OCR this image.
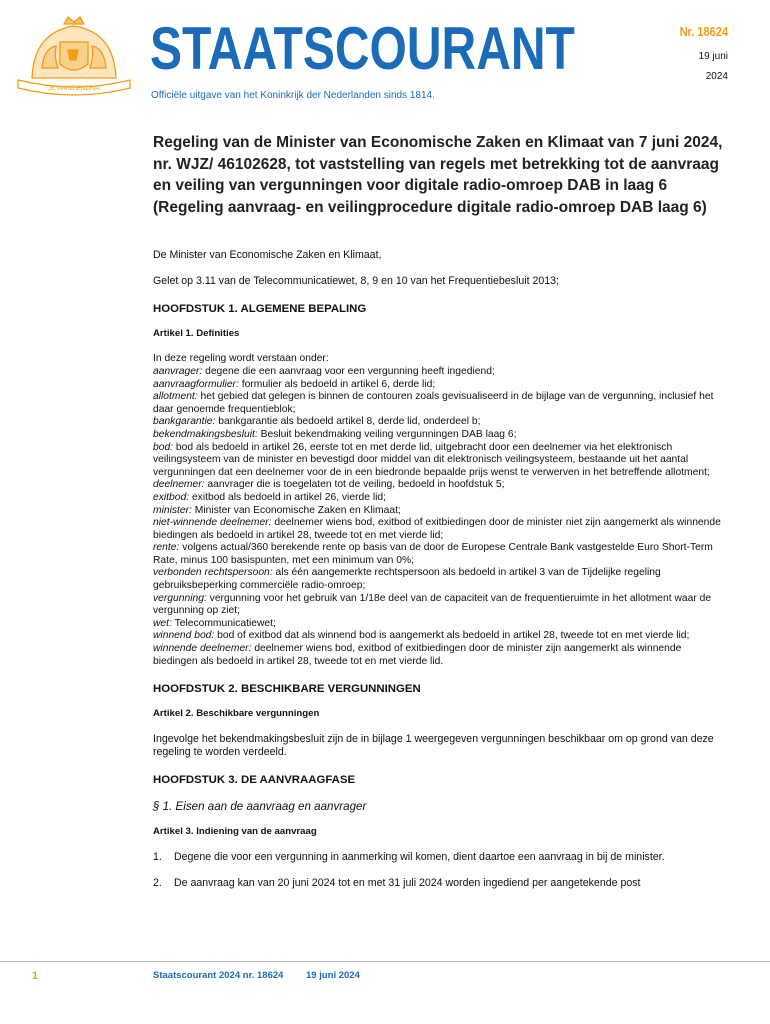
JE MAINTIENDRAI
STAATSCOURANT
Officiële uitgave van het Koninkrijk der Nederlanden sinds 1814.
Nr. 18624
19 juni
2024
Regeling van de Minister van Economische Zaken en Klimaat van 7 juni 2024, nr. WJZ/ 46102628, tot vaststelling van regels met betrekking tot de aanvraag en veiling van vergunningen voor digitale radio-omroep DAB in laag 6 (Regeling aanvraag- en veilingprocedure digitale radio-omroep DAB laag 6)

De Minister van Economische Zaken en Klimaat,

Gelet op 3.11 van de Telecommunicatiewet, 8, 9 en 10 van het Frequentiebesluit 2013;

HOOFDSTUK 1. ALGEMENE BEPALING
Artikel 1. Definities
In deze regeling wordt verstaan onder:
aanvrager: degene die een aanvraag voor een vergunning heeft ingediend;
aanvraagformulier: formulier als bedoeld in artikel 6, derde lid;
allotment: het gebied dat gelegen is binnen de contouren zoals gevisualiseerd in de bijlage van de vergunning, inclusief het daar genoemde frequentieblok;
bankgarantie: bankgarantie als bedoeld artikel 8, derde lid, onderdeel b;
bekendmakingsbesluit: Besluit bekendmaking veiling vergunningen DAB laag 6;
bod: bod als bedoeld in artikel 26, eerste tot en met derde lid, uitgebracht door een deelnemer via het elektronisch veilingsysteem van de minister en bevestigd door middel van dit elektronisch veilingsysteem, bestaande uit het aantal vergunningen dat een deelnemer voor de in een biedronde bepaalde prijs wenst te verwerven in het betreffende allotment;
deelnemer: aanvrager die is toegelaten tot de veiling, bedoeld in hoofdstuk 5;
exitbod: exitbod als bedoeld in artikel 26, vierde lid;
minister: Minister van Economische Zaken en Klimaat;
niet-winnende deelnemer: deelnemer wiens bod, exitbod of exitbiedingen door de minister niet zijn aangemerkt als winnende biedingen als bedoeld in artikel 28, tweede tot en met vierde lid;
rente: volgens actual/360 berekende rente op basis van de door de Europese Centrale Bank vastgestelde Euro Short-Term Rate, minus 100 basispunten, met een minimum van 0%;
verbonden rechtspersoon: als één aangemerkte rechtspersoon als bedoeld in artikel 3 van de Tijdelijke regeling gebruiksbeperking commerciële radio-omroep;
vergunning: vergunning voor het gebruik van 1/18e deel van de capaciteit van de frequentieruimte in het allotment waar de vergunning op ziet;
wet: Telecommunicatiewet;
winnend bod: bod of exitbod dat als winnend bod is aangemerkt als bedoeld in artikel 28, tweede tot en met vierde lid;
winnende deelnemer: deelnemer wiens bod, exitbod of exitbiedingen door de minister zijn aangemerkt als winnende biedingen als bedoeld in artikel 28, tweede tot en met vierde lid.
HOOFDSTUK 2. BESCHIKBARE VERGUNNINGEN
Artikel 2. Beschikbare vergunningen

Ingevolge het bekendmakingsbesluit zijn de in bijlage 1 weergegeven vergunningen beschikbaar om op grond van deze regeling te worden verdeeld.

HOOFDSTUK 3. DE AANVRAAGFASE
§ 1. Eisen aan de aanvraag en aanvrager
Artikel 3. Indiening van de aanvraag
1.	Degene die voor een vergunning in aanmerking wil komen, dient daartoe een aanvraag in bij de minister.
2.	De aanvraag kan van 20 juni 2024 tot en met 31 juli 2024 worden ingediend per aangetekende post
1	Staatscourant 2024 nr. 18624 19 juni 2024
